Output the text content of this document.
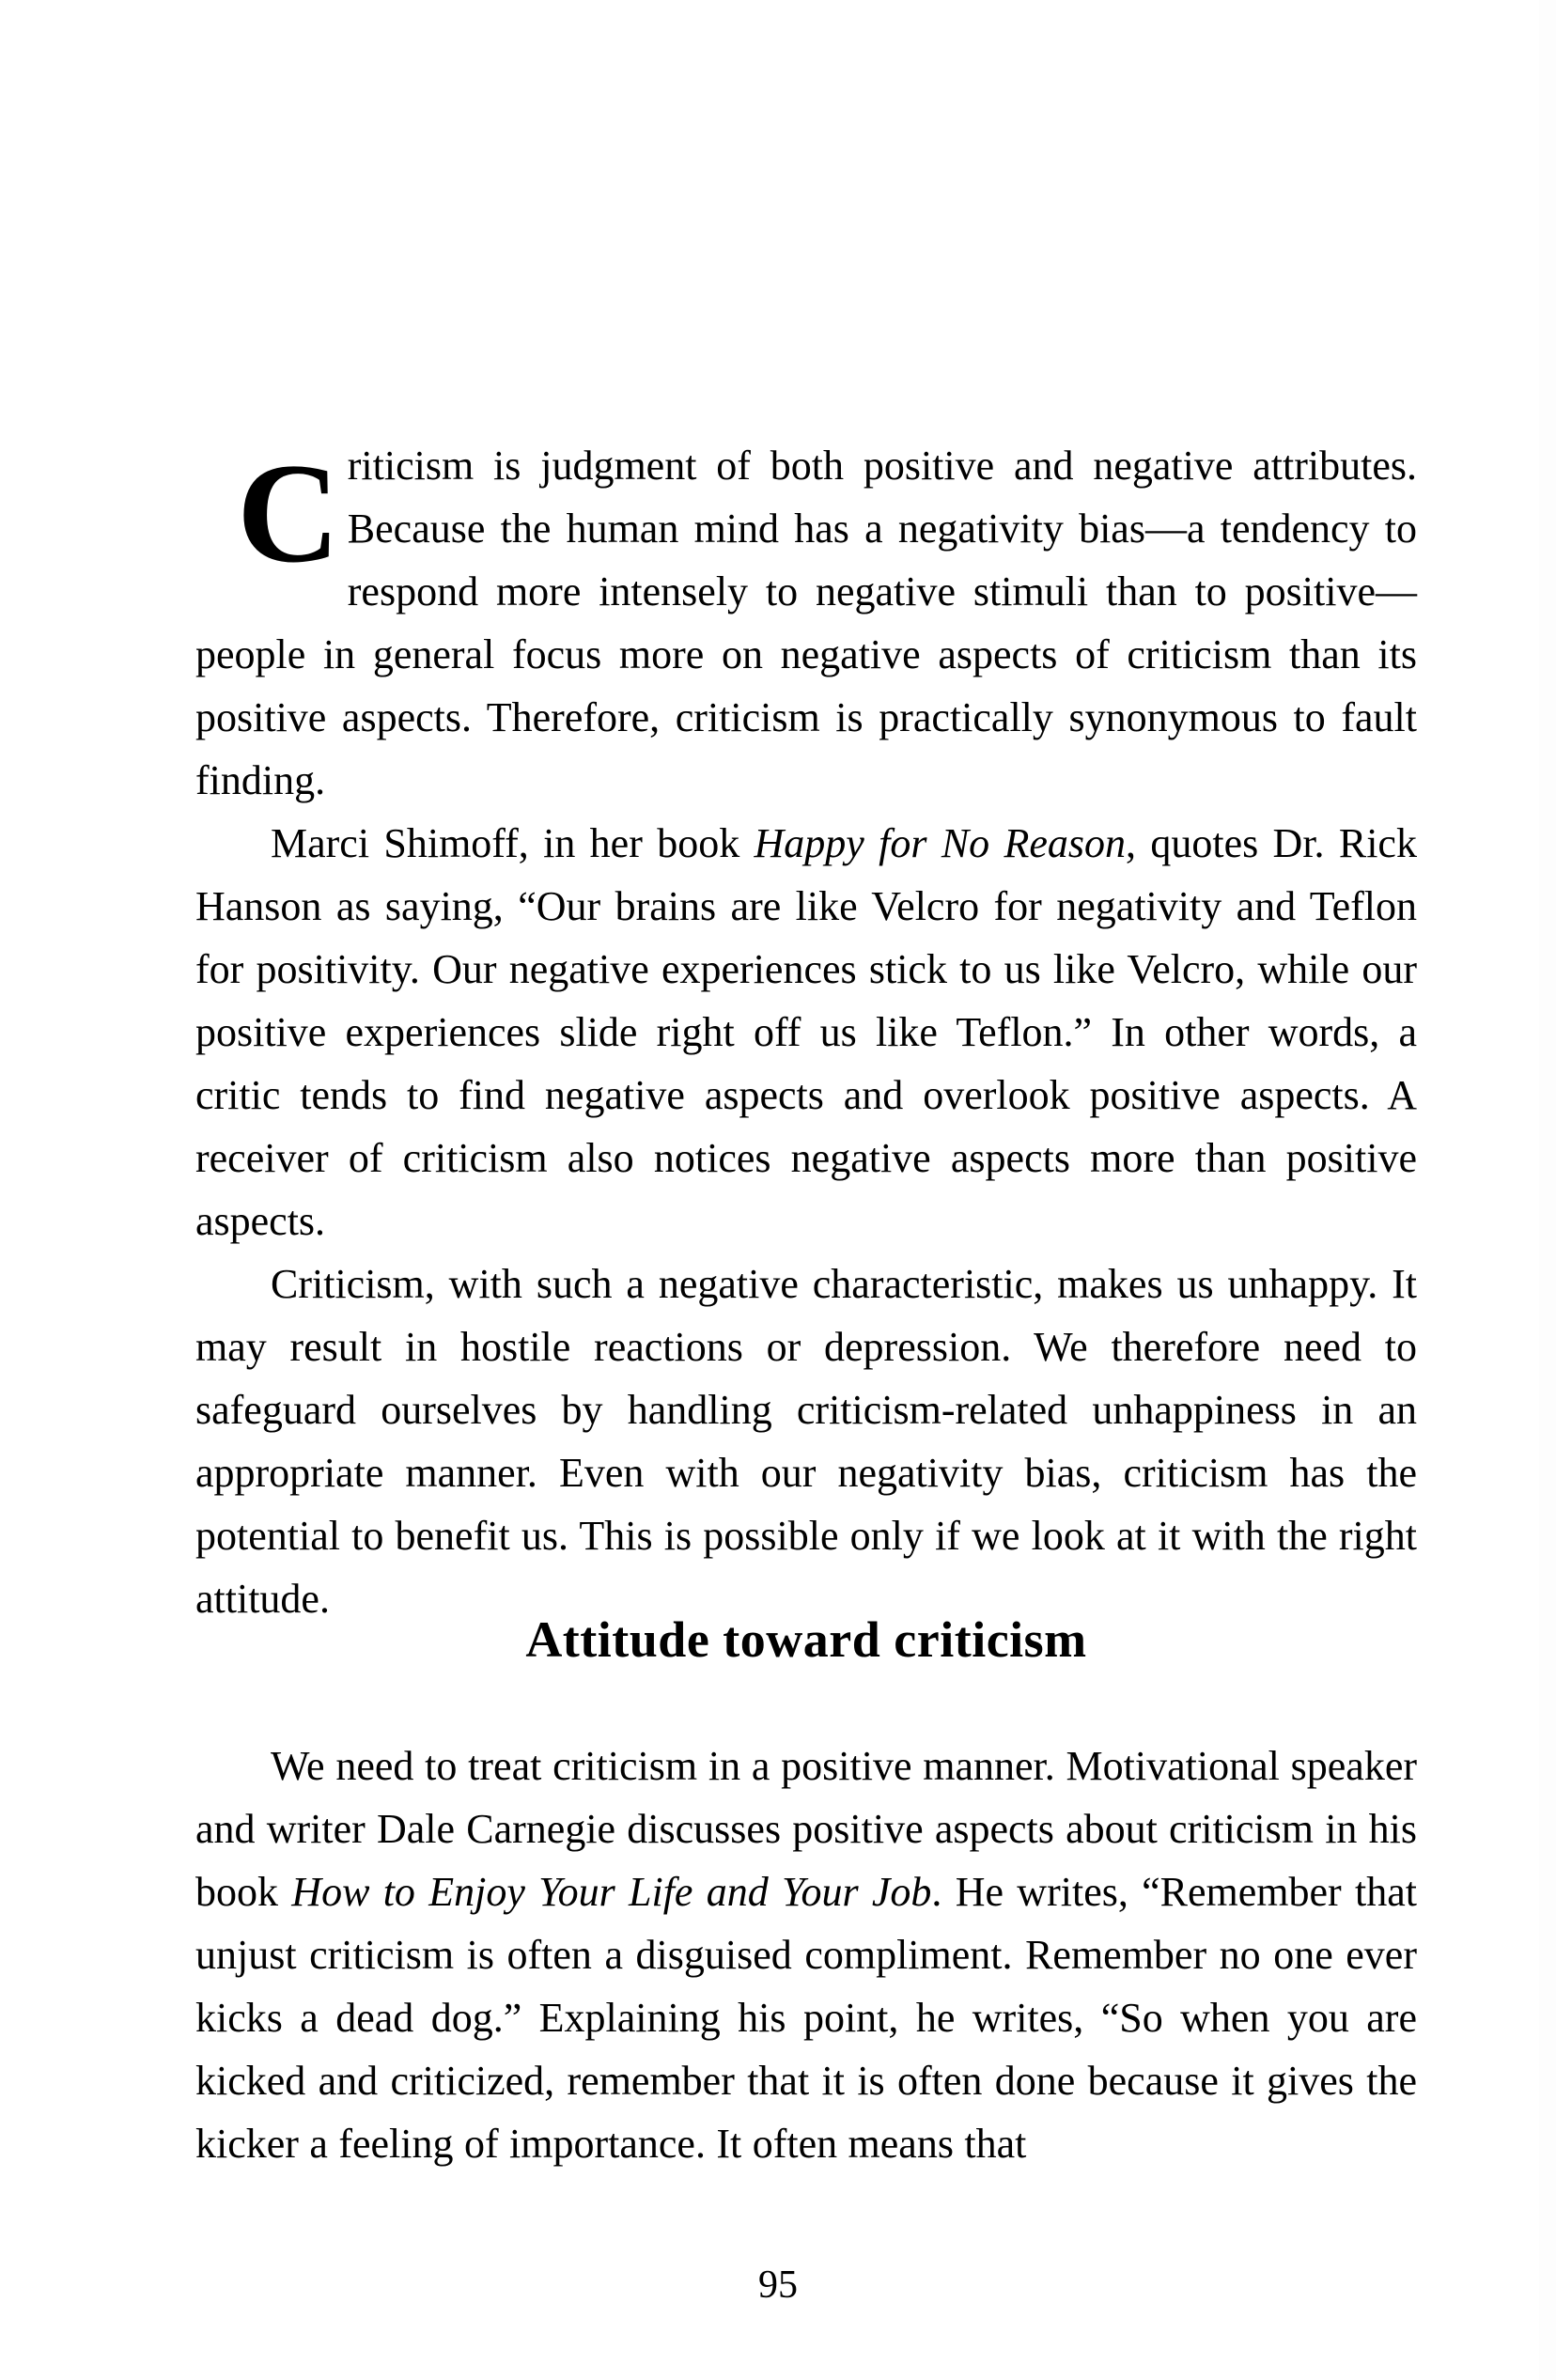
Criticism is judgment of both positive and negative attributes. Because the human mind has a negativity bias—a tendency to respond more intensely to negative stimuli than to positive—people in general focus more on negative aspects of criticism than its positive aspects. Therefore, criticism is practically synonymous to fault finding.

Marci Shimoff, in her book Happy for No Reason, quotes Dr. Rick Hanson as saying, “Our brains are like Velcro for negativity and Teflon for positivity. Our negative experiences stick to us like Velcro, while our positive experiences slide right off us like Teflon.” In other words, a critic tends to find negative aspects and overlook positive aspects. A receiver of criticism also notices negative aspects more than positive aspects.

Criticism, with such a negative characteristic, makes us unhappy. It may result in hostile reactions or depression. We therefore need to safeguard ourselves by handling criticism-related unhappiness in an appropriate manner. Even with our negativity bias, criticism has the potential to benefit us. This is possible only if we look at it with the right attitude.

Attitude toward criticism

We need to treat criticism in a positive manner. Motivational speaker and writer Dale Carnegie discusses positive aspects about criticism in his book How to Enjoy Your Life and Your Job. He writes, “Remember that unjust criticism is often a disguised compliment. Remember no one ever kicks a dead dog.” Explaining his point, he writes, “So when you are kicked and criticized, remember that it is often done because it gives the kicker a feeling of importance. It often means that

95
